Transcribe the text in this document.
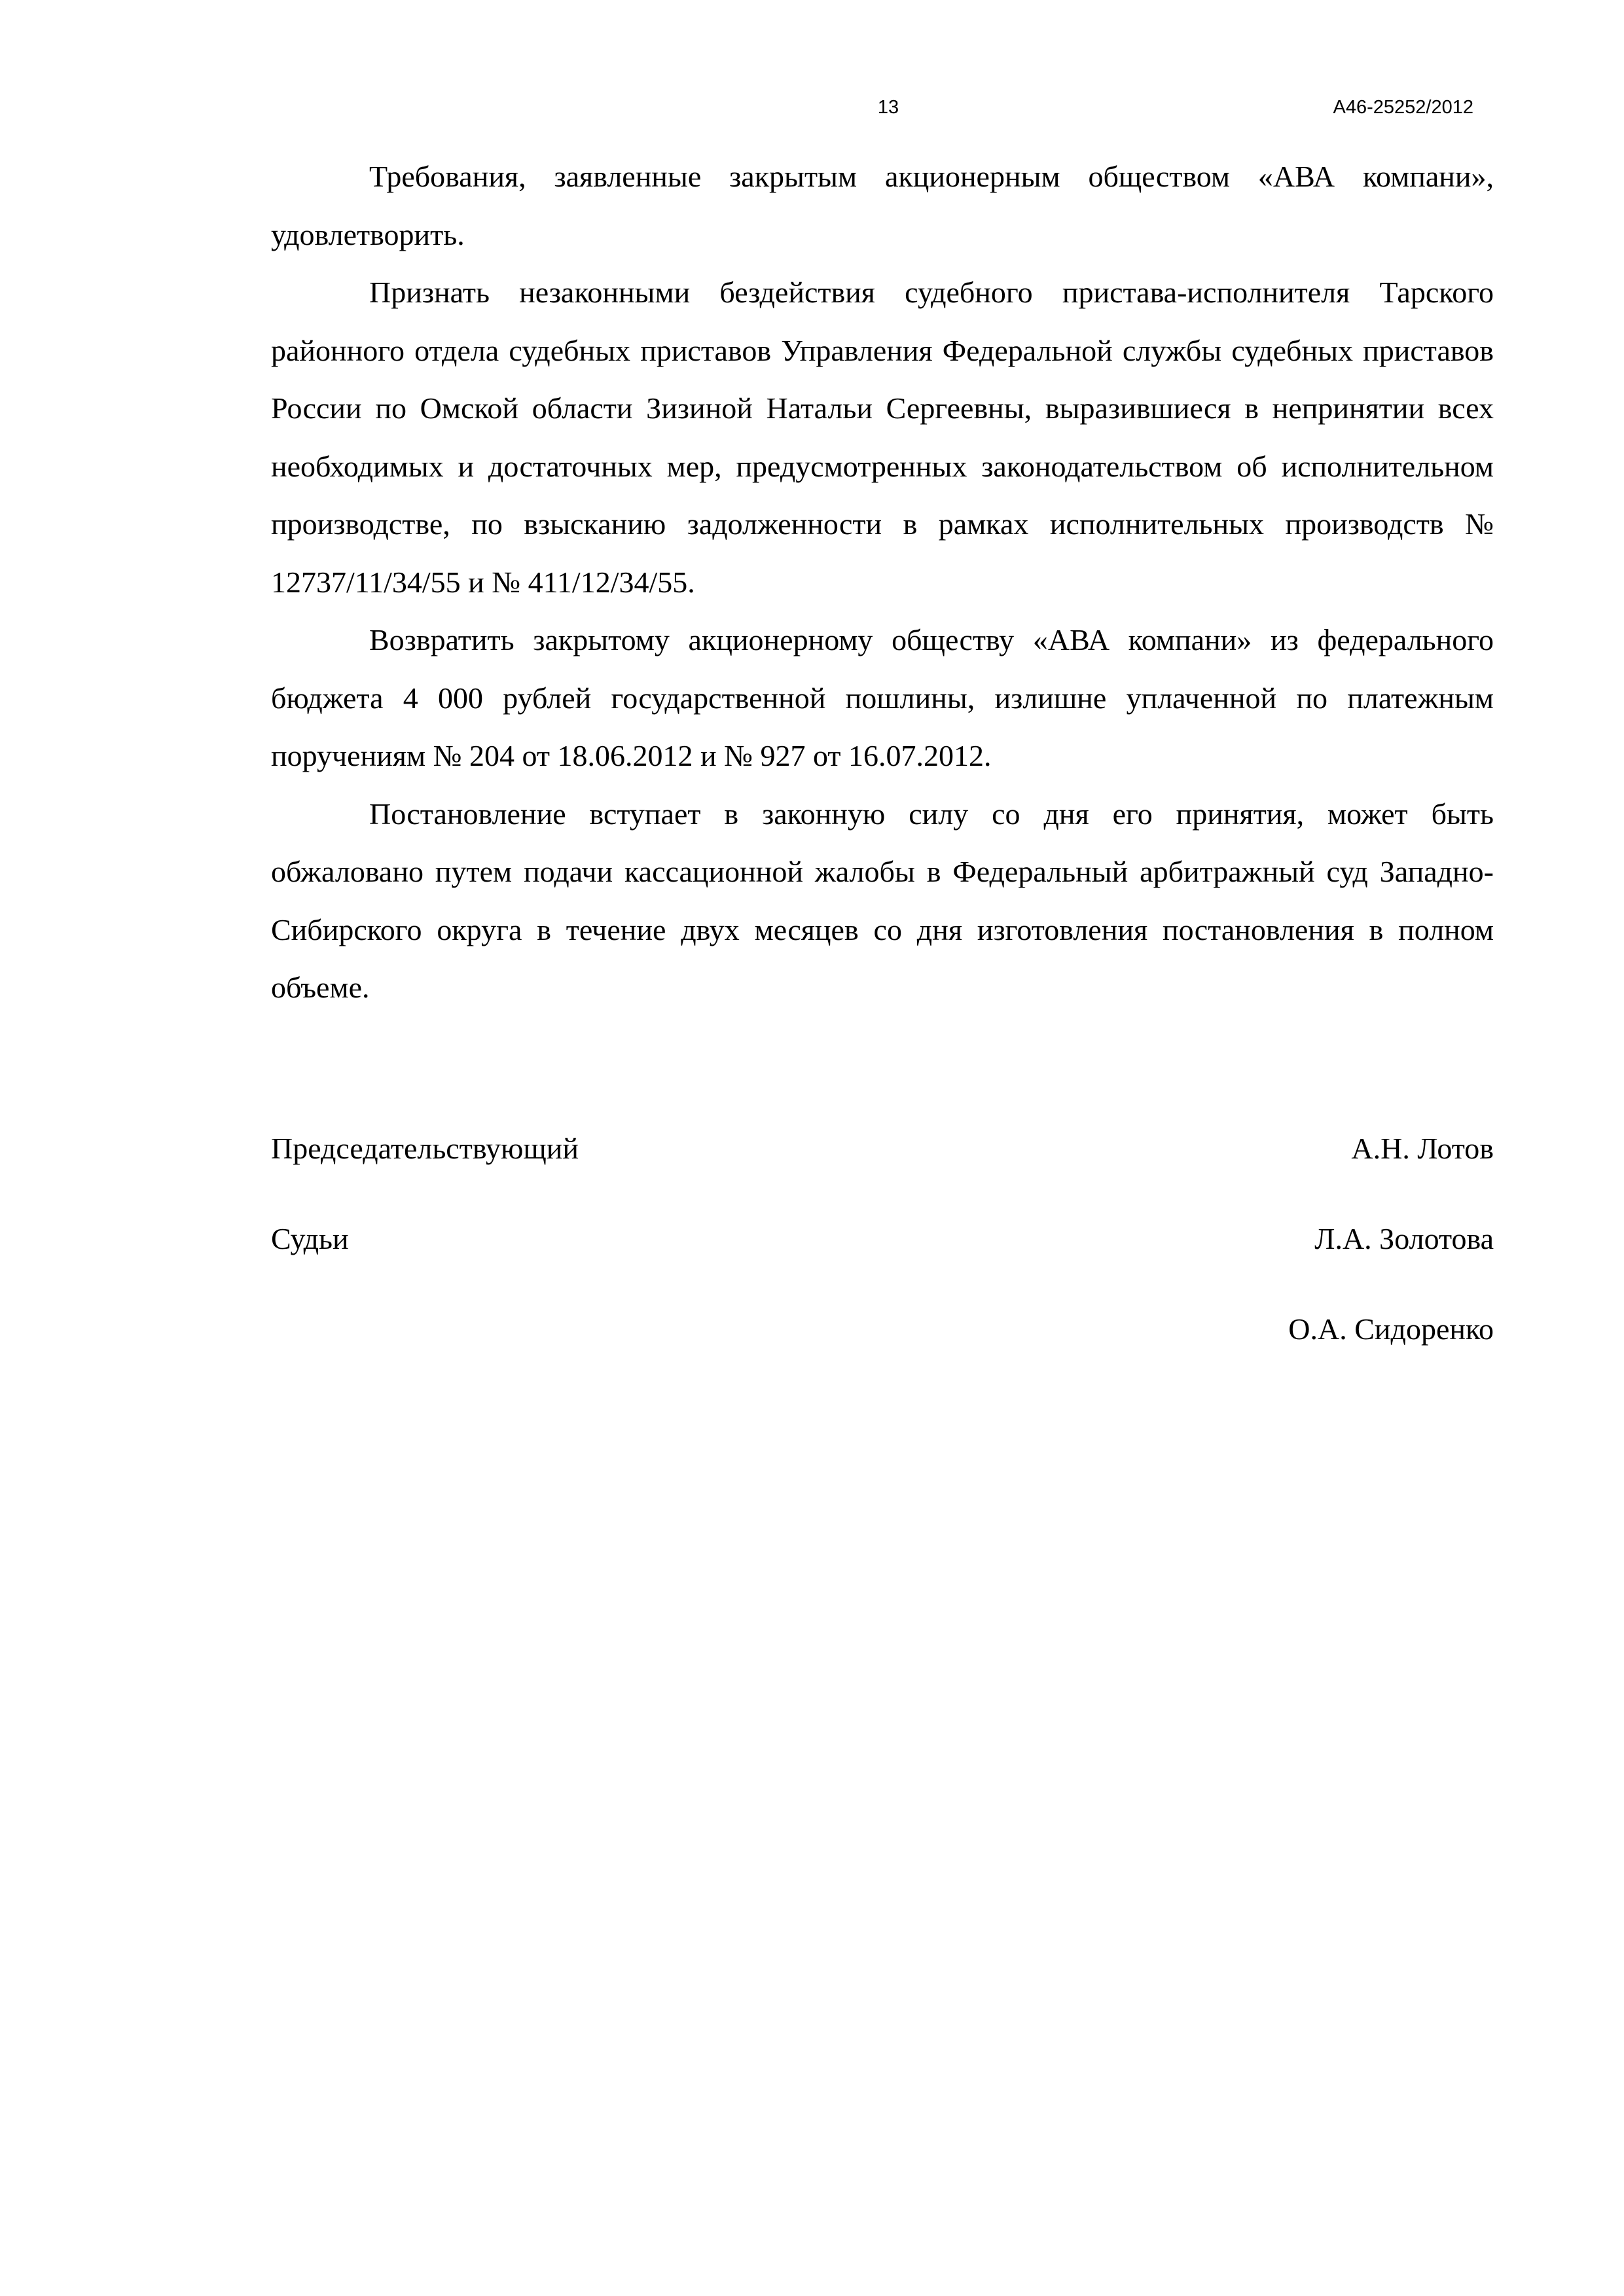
13	А46-25252/2012

Требования, заявленные закрытым акционерным обществом «АВА компани», удовлетворить.

Признать незаконными бездействия судебного пристава-исполнителя Тарского районного отдела судебных приставов Управления Федеральной службы судебных приставов России по Омской области Зизиной Натальи Сергеевны, выразившиеся в непринятии всех необходимых и достаточных мер, предусмотренных законодательством об исполнительном производстве, по взысканию задолженности в рамках исполнительных производств № 12737/11/34/55 и № 411/12/34/55.

Возвратить закрытому акционерному обществу «АВА компани» из федерального бюджета 4 000 рублей государственной пошлины, излишне уплаченной по платежным поручениям № 204 от 18.06.2012 и № 927 от 16.07.2012.

Постановление вступает в законную силу со дня его принятия, может быть обжаловано путем подачи кассационной жалобы в Федеральный арбитражный суд Западно-Сибирского округа в течение двух месяцев со дня изготовления постановления в полном объеме.

Председательствующий	А.Н. Лотов
Судьи	Л.А. Золотова
О.А. Сидоренко
